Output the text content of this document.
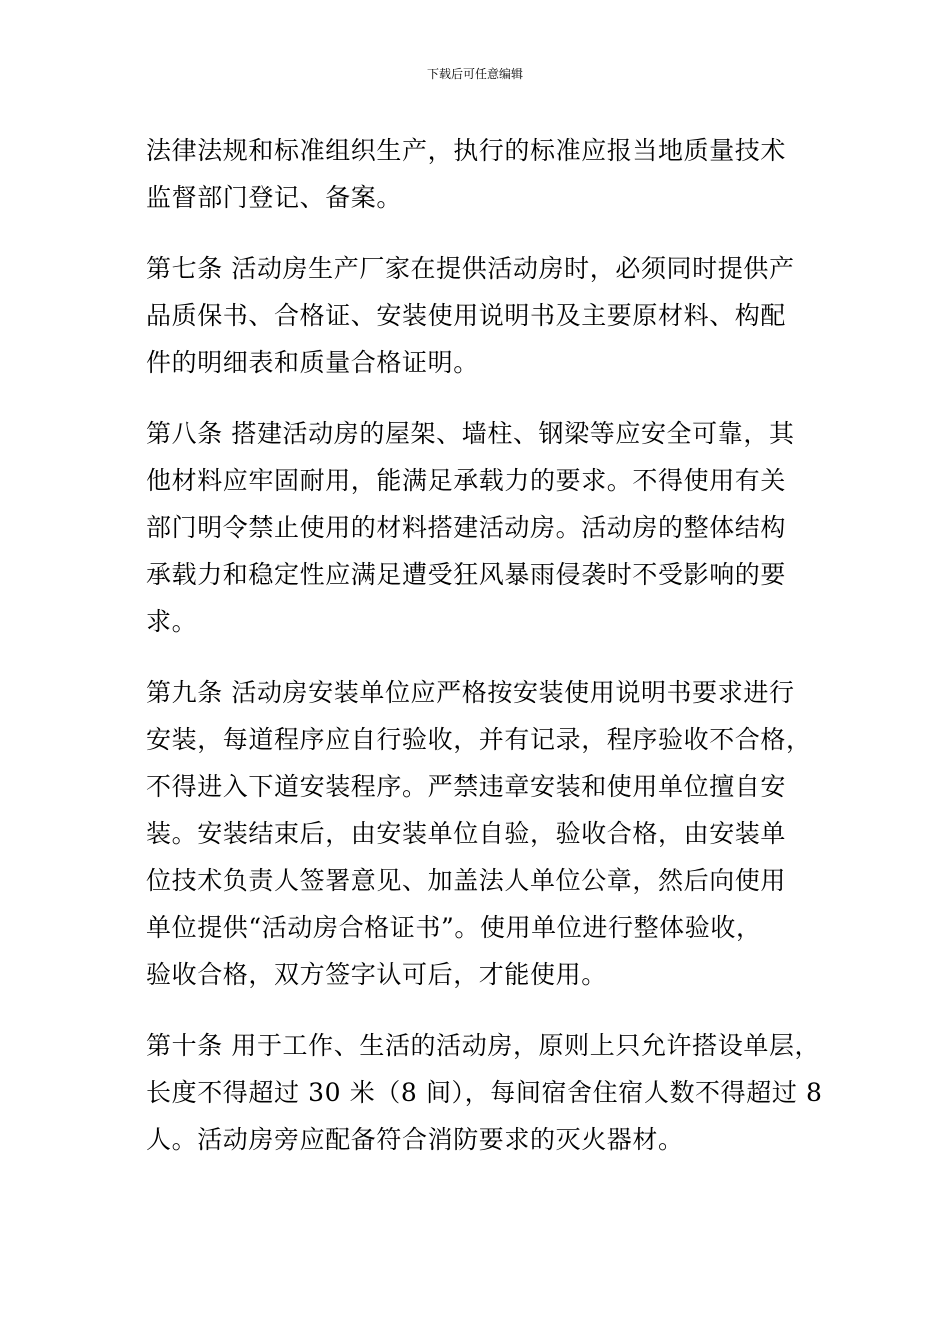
下载后可任意编辑
法律法规和标准组织生产，执行的标准应报当地质量技术
监督部门登记、备案。
第七条 活动房生产厂家在提供活动房时，必须同时提供产
品质保书、合格证、安装使用说明书及主要原材料、构配
件的明细表和质量合格证明。
第八条 搭建活动房的屋架、墙柱、钢梁等应安全可靠，其
他材料应牢固耐用，能满足承载力的要求。不得使用有关
部门明令禁止使用的材料搭建活动房。活动房的整体结构
承载力和稳定性应满足遭受狂风暴雨侵袭时不受影响的要
求。
第九条 活动房安装单位应严格按安装使用说明书要求进行
安装，每道程序应自行验收，并有记录，程序验收不合格，
不得进入下道安装程序。严禁违章安装和使用单位擅自安
装。安装结束后，由安装单位自验，验收合格，由安装单
位技术负责人签署意见、加盖法人单位公章，然后向使用
单位提供“活动房合格证书”。使用单位进行整体验收，
验收合格，双方签字认可后，才能使用。
第十条 用于工作、生活的活动房，原则上只允许搭设单层，
长度不得超过 30 米（8 间），每间宿舍住宿人数不得超过 8
人。活动房旁应配备符合消防要求的灭火器材。
